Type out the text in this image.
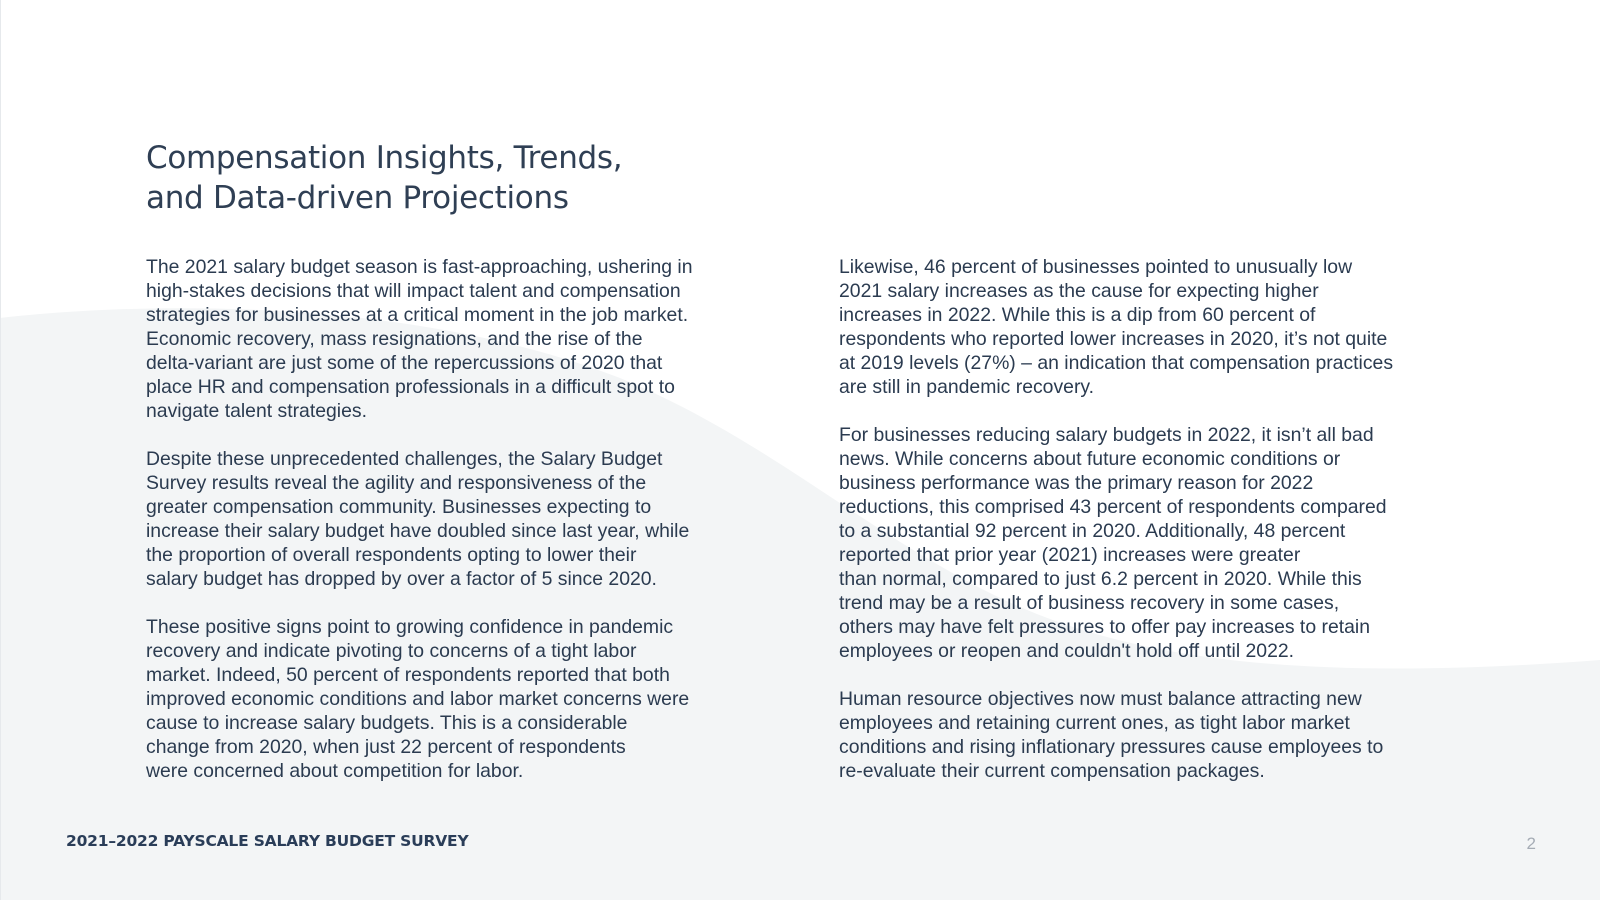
Compensation Insights, Trends,
and Data-driven Projections

The 2021 salary budget season is fast-approaching, ushering in
high-stakes decisions that will impact talent and compensation
strategies for businesses at a critical moment in the job market.
Economic recovery, mass resignations, and the rise of the
delta-variant are just some of the repercussions of 2020 that
place HR and compensation professionals in a difficult spot to
navigate talent strategies.

Despite these unprecedented challenges, the Salary Budget
Survey results reveal the agility and responsiveness of the
greater compensation community. Businesses expecting to
increase their salary budget have doubled since last year, while
the proportion of overall respondents opting to lower their
salary budget has dropped by over a factor of 5 since 2020.

These positive signs point to growing confidence in pandemic
recovery and indicate pivoting to concerns of a tight labor
market. Indeed, 50 percent of respondents reported that both
improved economic conditions and labor market concerns were
cause to increase salary budgets. This is a considerable
change from 2020, when just 22 percent of respondents
were concerned about competition for labor.

Likewise, 46 percent of businesses pointed to unusually low
2021 salary increases as the cause for expecting higher
increases in 2022. While this is a dip from 60 percent of
respondents who reported lower increases in 2020, it’s not quite
at 2019 levels (27%) – an indication that compensation practices
are still in pandemic recovery.

For businesses reducing salary budgets in 2022, it isn’t all bad
news. While concerns about future economic conditions or
business performance was the primary reason for 2022
reductions, this comprised 43 percent of respondents compared
to a substantial 92 percent in 2020. Additionally, 48 percent
reported that prior year (2021) increases were greater
than normal, compared to just 6.2 percent in 2020. While this
trend may be a result of business recovery in some cases,
others may have felt pressures to offer pay increases to retain
employees or reopen and couldn't hold off until 2022.

Human resource objectives now must balance attracting new
employees and retaining current ones, as tight labor market
conditions and rising inflationary pressures cause employees to
re-evaluate their current compensation packages.

2021–2022 PAYSCALE SALARY BUDGET SURVEY	2
